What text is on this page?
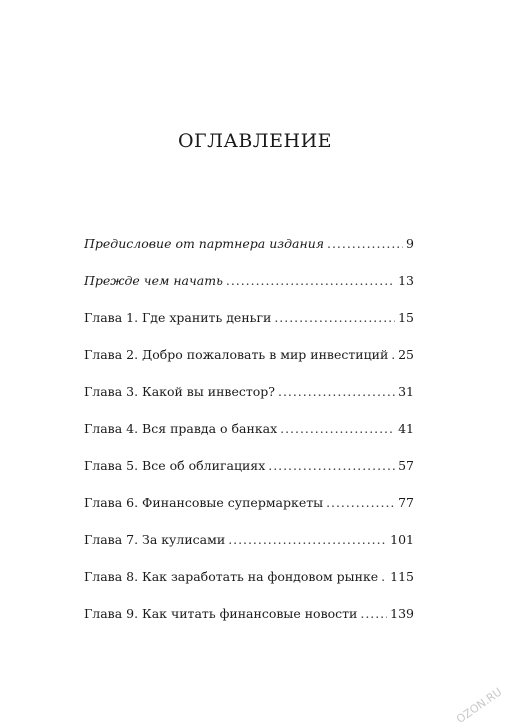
ОГЛАВЛЕНИЕ
Предисловие от партнера издания . . .	9
Прежде чем начать . . .	13
Глава 1. Где хранить деньги . . .	15
Глава 2. Добро пожаловать в мир инвестиций . . . 25
Глава 3. Какой вы инвестор? . . .	31
Глава 4. Вся правда о банках . . .	41
Глава 5. Все об облигациях . . .	57
Глава 6. Финансовые супермаркеты . . .	77
Глава 7. За кулисами . . .	101
Глава 8. Как заработать на фондовом рынке . . . 115
Глава 9. Как читать финансовые новости . . .	139
OZON.RU
